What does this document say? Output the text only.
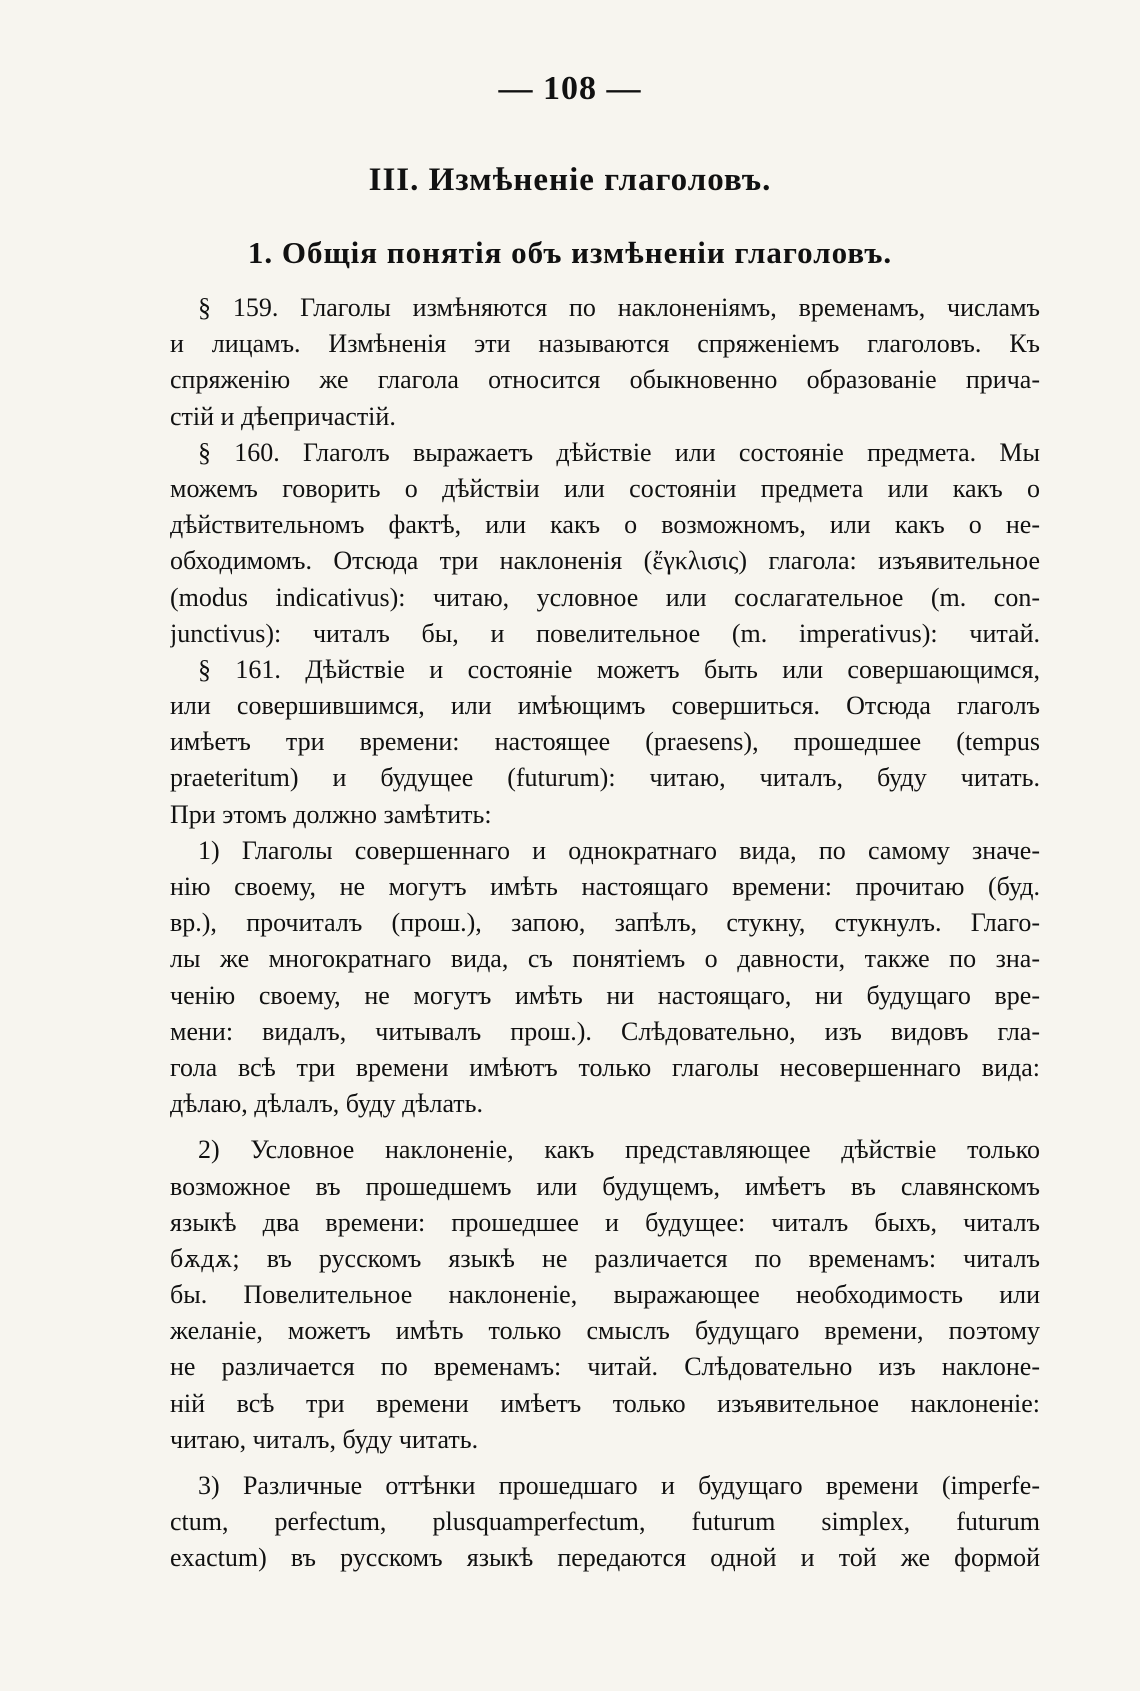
— 108 —
III. Измѣненіе глаголовъ.
1. Общія понятія объ измѣненіи глаголовъ.
§ 159. Глаголы измѣняются по наклоненіямъ, временамъ, числамъ
и лицамъ. Измѣненія эти называются спряженіемъ глаголовъ. Къ
спряженію же глагола относится обыкновенно образованіе прича-
стій и дѣепричастій.
§ 160. Глаголъ выражаетъ дѣйствіе или состояніе предмета. Мы
можемъ говорить о дѣйствіи или состояніи предмета или какъ о
дѣйствительномъ фактѣ, или какъ о возможномъ, или какъ о не-
обходимомъ. Отсюда три наклоненія (ἔγκλισις) глагола: изъявительное
(modus indicativus): читаю, условное или сослагательное (m. con-
junctivus): читалъ бы, и повелительное (m. imperativus): читай.
§ 161. Дѣйствіе и состояніе можетъ быть или совершающимся,
или совершившимся, или имѣющимъ совершиться. Отсюда глаголъ
имѣетъ три времени: настоящее (praesens), прошедшее (tempus
praeteritum) и будущее (futurum): читаю, читалъ, буду читать.
При этомъ должно замѣтить:
1) Глаголы совершеннаго и однократнаго вида, по самому значе-
нію своему, не могутъ имѣть настоящаго времени: прочитаю (буд.
вр.), прочиталъ (прош.), запою, запѣлъ, стукну, стукнулъ. Глаго-
лы же многократнаго вида, съ понятіемъ о давности, также по зна-
ченію своему, не могутъ имѣть ни настоящаго, ни будущаго вре-
мени: видалъ, читывалъ прош.). Слѣдовательно, изъ видовъ гла-
гола всѣ три времени имѣютъ только глаголы несовершеннаго вида:
дѣлаю, дѣлалъ, буду дѣлать.
2) Условное наклоненіе, какъ представляющее дѣйствіе только
возможное въ прошедшемъ или будущемъ, имѣетъ въ славянскомъ
языкѣ два времени: прошедшее и будущее: читалъ быхъ, читалъ
бѫдѫ; въ русскомъ языкѣ не различается по временамъ: читалъ
бы. Повелительное наклоненіе, выражающее необходимость или
желаніе, можетъ имѣть только смыслъ будущаго времени, поэтому
не различается по временамъ: читай. Слѣдовательно изъ наклоне-
ній всѣ три времени имѣетъ только изъявительное наклоненіе:
читаю, читалъ, буду читать.
3) Различные оттѣнки прошедшаго и будущаго времени (imperfe-
ctum, perfectum, plusquamperfectum, futurum simplex, futurum
exactum) въ русскомъ языкѣ передаются одной и той же формой
